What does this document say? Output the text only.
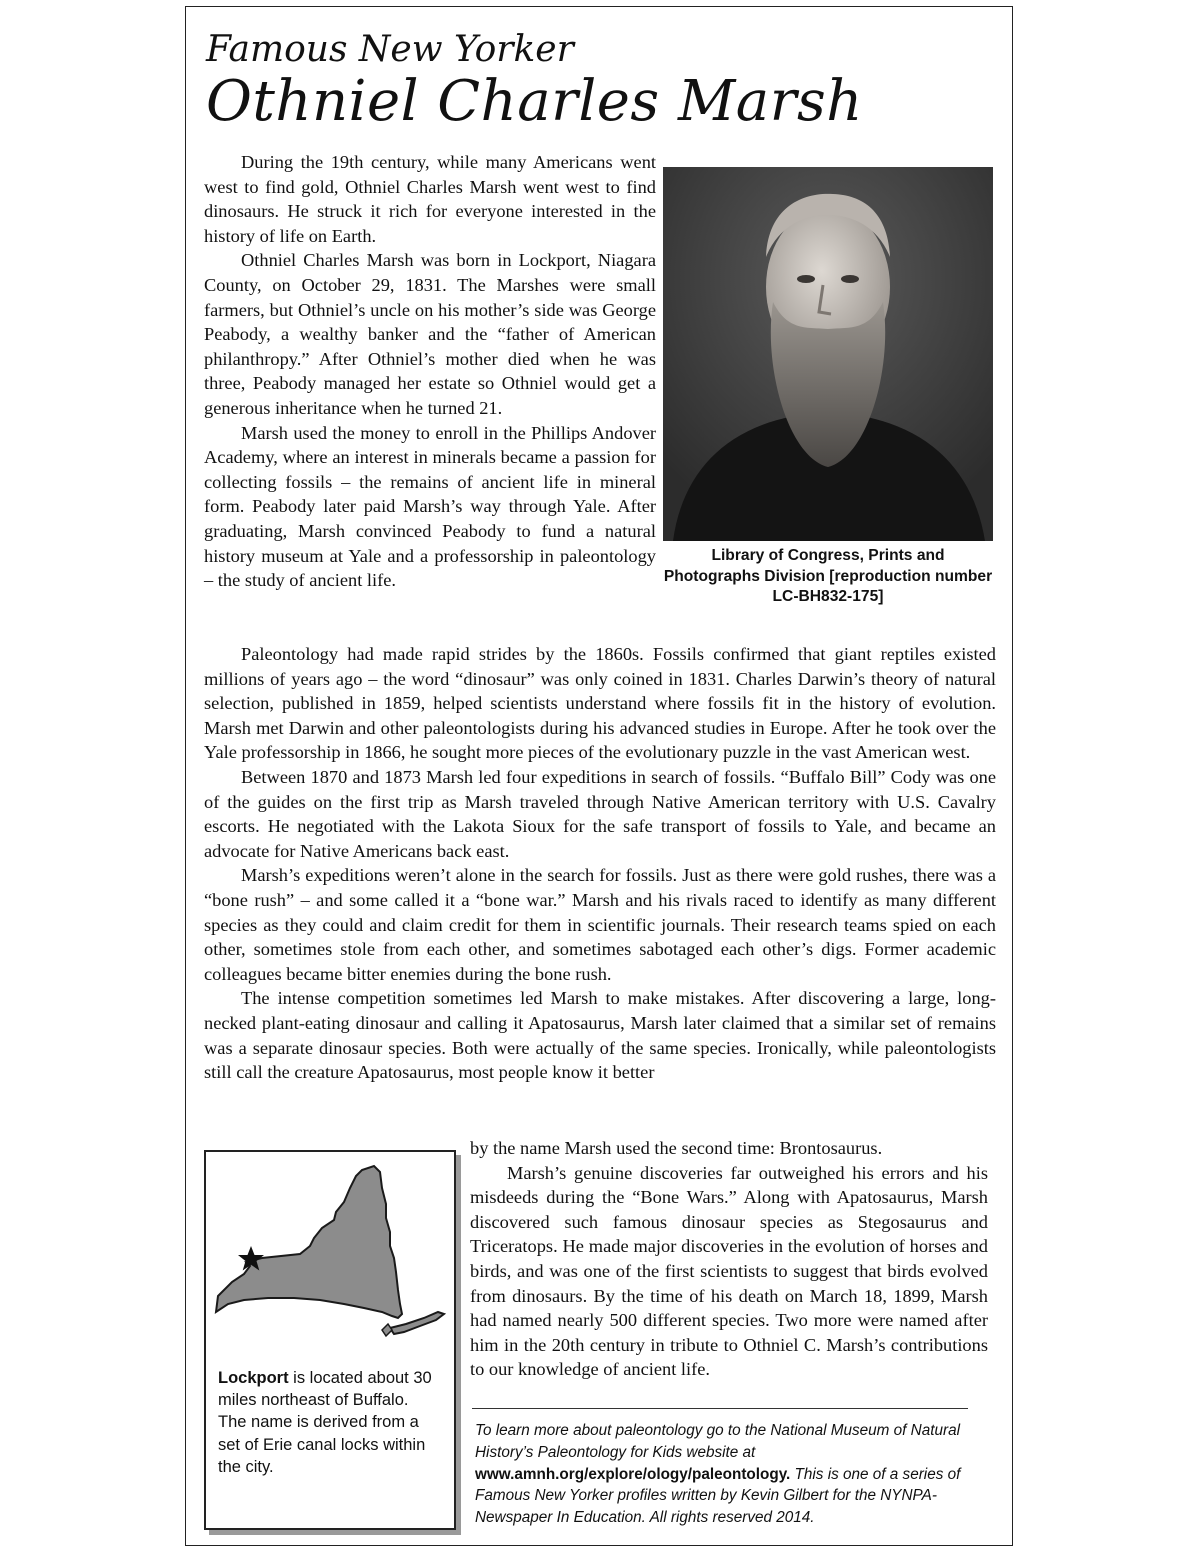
Famous New Yorker
Othniel Charles Marsh

During the 19th century, while many Americans went west to find gold, Othniel Charles Marsh went west to find dinosaurs. He struck it rich for everyone interested in the history of life on Earth.

Othniel Charles Marsh was born in Lockport, Niagara County, on October 29, 1831. The Marshes were small farmers, but Othniel’s uncle on his mother’s side was George Peabody, a wealthy banker and the “father of American philanthropy.” After Othniel’s mother died when he was three, Peabody managed her estate so Othniel would get a generous inheritance when he turned 21.

Marsh used the money to enroll in the Phillips Andover Academy, where an interest in minerals became a passion for collecting fossils – the remains of ancient life in mineral form. Peabody later paid Marsh’s way through Yale. After graduating, Marsh convinced Peabody to fund a natural history museum at Yale and a professorship in paleontology – the study of ancient life.

Library of Congress, Prints and Photographs Division [reproduction number LC-BH832-175]

Paleontology had made rapid strides by the 1860s. Fossils confirmed that giant reptiles existed millions of years ago – the word “dinosaur” was only coined in 1831. Charles Darwin’s theory of natural selection, published in 1859, helped scientists understand where fossils fit in the history of evolution. Marsh met Darwin and other paleontologists during his advanced studies in Europe. After he took over the Yale professorship in 1866, he sought more pieces of the evolutionary puzzle in the vast American west.

Between 1870 and 1873 Marsh led four expeditions in search of fossils. “Buffalo Bill” Cody was one of the guides on the first trip as Marsh traveled through Native American territory with U.S. Cavalry escorts. He negotiated with the Lakota Sioux for the safe transport of fossils to Yale, and became an advocate for Native Americans back east.

Marsh’s expeditions weren’t alone in the search for fossils. Just as there were gold rushes, there was a “bone rush” – and some called it a “bone war.” Marsh and his rivals raced to identify as many different species as they could and claim credit for them in scientific journals. Their research teams spied on each other, sometimes stole from each other, and sometimes sabotaged each other’s digs. Former academic colleagues became bitter enemies during the bone rush.

The intense competition sometimes led Marsh to make mistakes. After discovering a large, long-necked plant-eating dinosaur and calling it Apatosaurus, Marsh later claimed that a similar set of remains was a separate dinosaur species. Both were actually of the same species. Ironically, while paleontologists still call the creature Apatosaurus, most people know it better

by the name Marsh used the second time: Brontosaurus.

Marsh’s genuine discoveries far outweighed his errors and his misdeeds during the “Bone Wars.” Along with Apatosaurus, Marsh discovered such famous dinosaur species as Stegosaurus and Triceratops. He made major discoveries in the evolution of horses and birds, and was one of the first scientists to suggest that birds evolved from dinosaurs. By the time of his death on March 18, 1899, Marsh had named nearly 500 different species. Two more were named after him in the 20th century in tribute to Othniel C. Marsh’s contributions to our knowledge of ancient life.

Lockport is located about 30 miles northeast of Buffalo. The name is derived from a set of Erie canal locks within the city.
To learn more about paleontology go to the National Museum of Natural History’s Paleontology for Kids website at www.amnh.org/explore/ology/paleontology. This is one of a series of Famous New Yorker profiles written by Kevin Gilbert for the NYNPA-Newspaper In Education. All rights reserved 2014.
